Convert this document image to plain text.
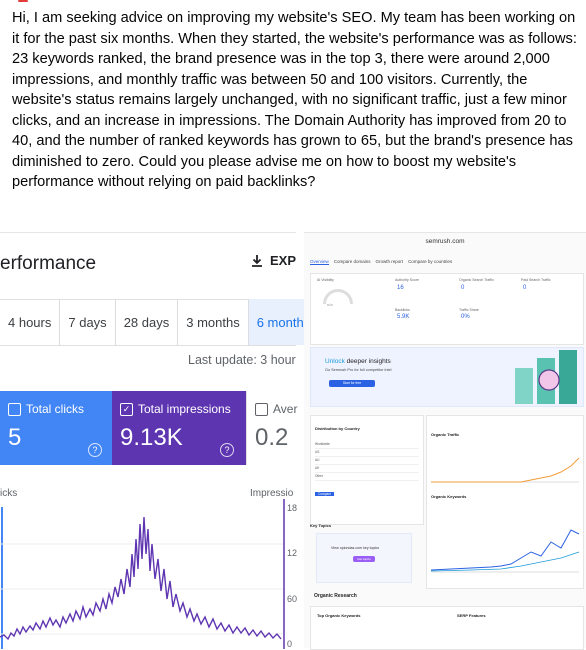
Hi, I am seeking advice on improving my website's SEO. My team has been working on it for the past six months. When they started, the website's performance was as follows: 23 keywords ranked, the brand presence was in the top 3, there were around 2,000 impressions, and monthly traffic was between 50 and 100 visitors. Currently, the website's status remains largely unchanged, with no significant traffic, just a few minor clicks, and an increase in impressions. The Domain Authority has improved from 20 to 40, and the number of ranked keywords has grown to 65, but the brand's presence has diminished to zero. Could you please advise me on how to boost my website's performance without relying on paid backlinks?
erformance	EXP
4 hours	7 days	28 days	3 months	6 month
Last update: 3 hour
Total clicks
5	?
✓ Total impressions
9.13K	?
Aver
0.2
icks	Impressio
18
12
60
0
semrush.com
Overview Compare domains Growth report Compare by countries
AI Visibility
n/a
Authority Score
16
Organic Search Traffic
0
Paid Search Traffic
0
Backlinks
5.9K
Traffic Share
0%
Unlock deeper insights
Go Semrush Pro for full competitor intel
Start for free
Distribution by Country
Worldwide
US
AU
UK
Other
Compare
Organic Traffic
Organic Keywords
Key Topics
View opiondas.com key topics
Get topics
Organic Research
Top Organic Keywords	SERP Features
